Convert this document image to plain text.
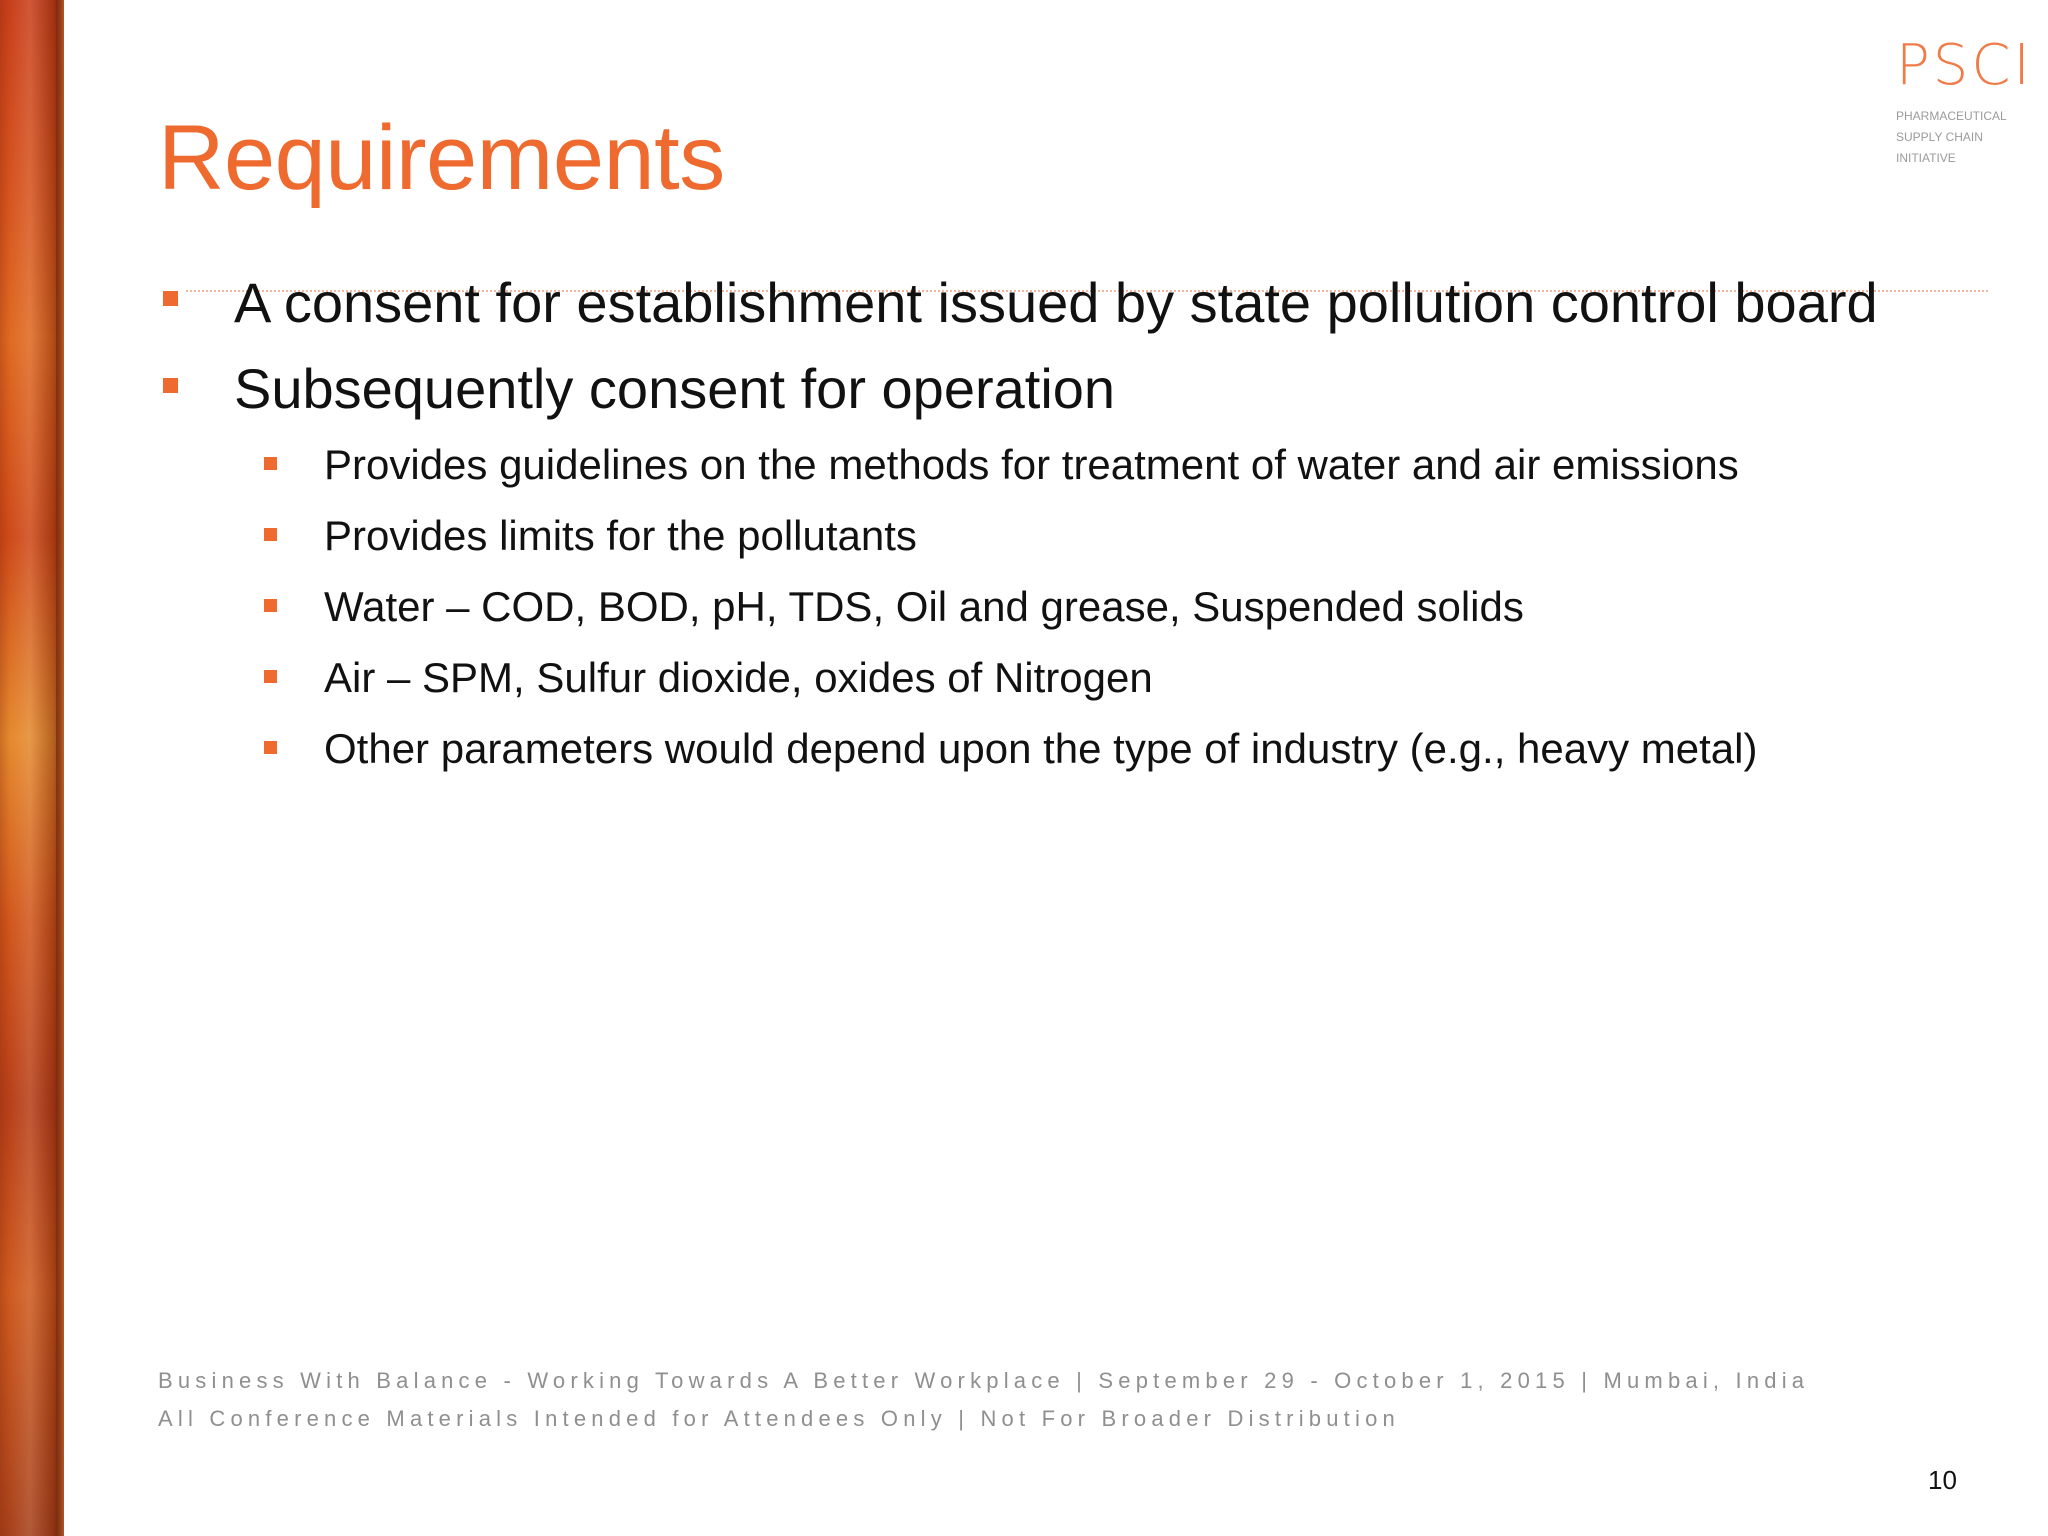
Requirements
PSCI
PHARMACEUTICAL
SUPPLY CHAIN
INITIATIVE
A consent for establishment issued by state pollution control board
Subsequently consent for operation
Provides guidelines on the methods for treatment of water and air emissions
Provides limits for the pollutants
Water – COD, BOD, pH, TDS, Oil and grease, Suspended solids
Air – SPM, Sulfur dioxide, oxides of Nitrogen
Other parameters would depend upon the type of industry (e.g., heavy metal)
Business With Balance - Working Towards A Better Workplace | September 29 - October 1, 2015 | Mumbai, India
All Conference Materials Intended for Attendees Only | Not For Broader Distribution
10
